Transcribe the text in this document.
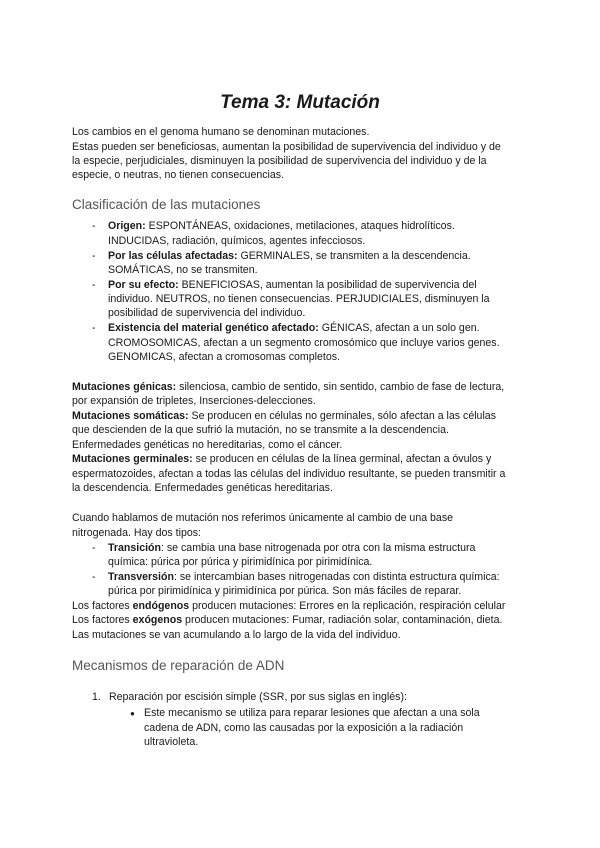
Tema 3: Mutación
Los cambios en el genoma humano se denominan mutaciones.
Estas pueden ser beneficiosas, aumentan la posibilidad de supervivencia del individuo y de
la especie, perjudiciales, disminuyen la posibilidad de supervivencia del individuo y de la
especie, o neutras, no tienen consecuencias.
Clasificación de las mutaciones
- Origen: ESPONTÁNEAS, oxidaciones, metilaciones, ataques hidrolíticos.
INDUCIDAS, radiación, químicos, agentes infecciosos.
- Por las células afectadas: GERMINALES, se transmiten a la descendencia.
SOMÁTICAS, no se transmiten.
- Por su efecto: BENEFICIOSAS, aumentan la posibilidad de supervivencia del
individuo. NEUTROS, no tienen consecuencias. PERJUDICIALES, disminuyen la
posibilidad de supervivencia del individuo.
- Existencia del material genético afectado: GÉNICAS, afectan a un solo gen.
CROMOSOMICAS, afectan a un segmento cromosómico que incluye varios genes.
GENOMICAS, afectan a cromosomas completos.
Mutaciones génicas: silenciosa, cambio de sentido, sin sentido, cambio de fase de lectura,
por expansión de tripletes, Inserciones-delecciones.
Mutaciones somáticas: Se producen en células no germinales, sólo afectan a las células
que descienden de la que sufrió la mutación, no se transmite a la descendencia.
Enfermedades genéticas no hereditarias, como el cáncer.
Mutaciones germinales: se producen en células de la línea germinal, afectan a óvulos y
espermatozoides, afectan a todas las células del individuo resultante, se pueden transmitir a
la descendencia. Enfermedades genéticas hereditarias.
Cuando hablamos de mutación nos referimos únicamente al cambio de una base
nitrogenada. Hay dos tipos:
- Transición: se cambia una base nitrogenada por otra con la misma estructura
química: púrica por púrica y pirimidínica por pirimidínica.
- Transversión: se intercambian bases nitrogenadas con distinta estructura química:
púrica por pirimidínica y pirimidínica por púrica. Son más fáciles de reparar.
Los factores endógenos producen mutaciones: Errores en la replicación, respiración celular
Los factores exógenos producen mutaciones: Fumar, radiación solar, contaminación, dieta.
Las mutaciones se van acumulando a lo largo de la vida del individuo.
Mecanismos de reparación de ADN
1. Reparación por escisión simple (SSR, por sus siglas en inglés):
● Este mecanismo se utiliza para reparar lesiones que afectan a una sola
cadena de ADN, como las causadas por la exposición a la radiación
ultravioleta.
